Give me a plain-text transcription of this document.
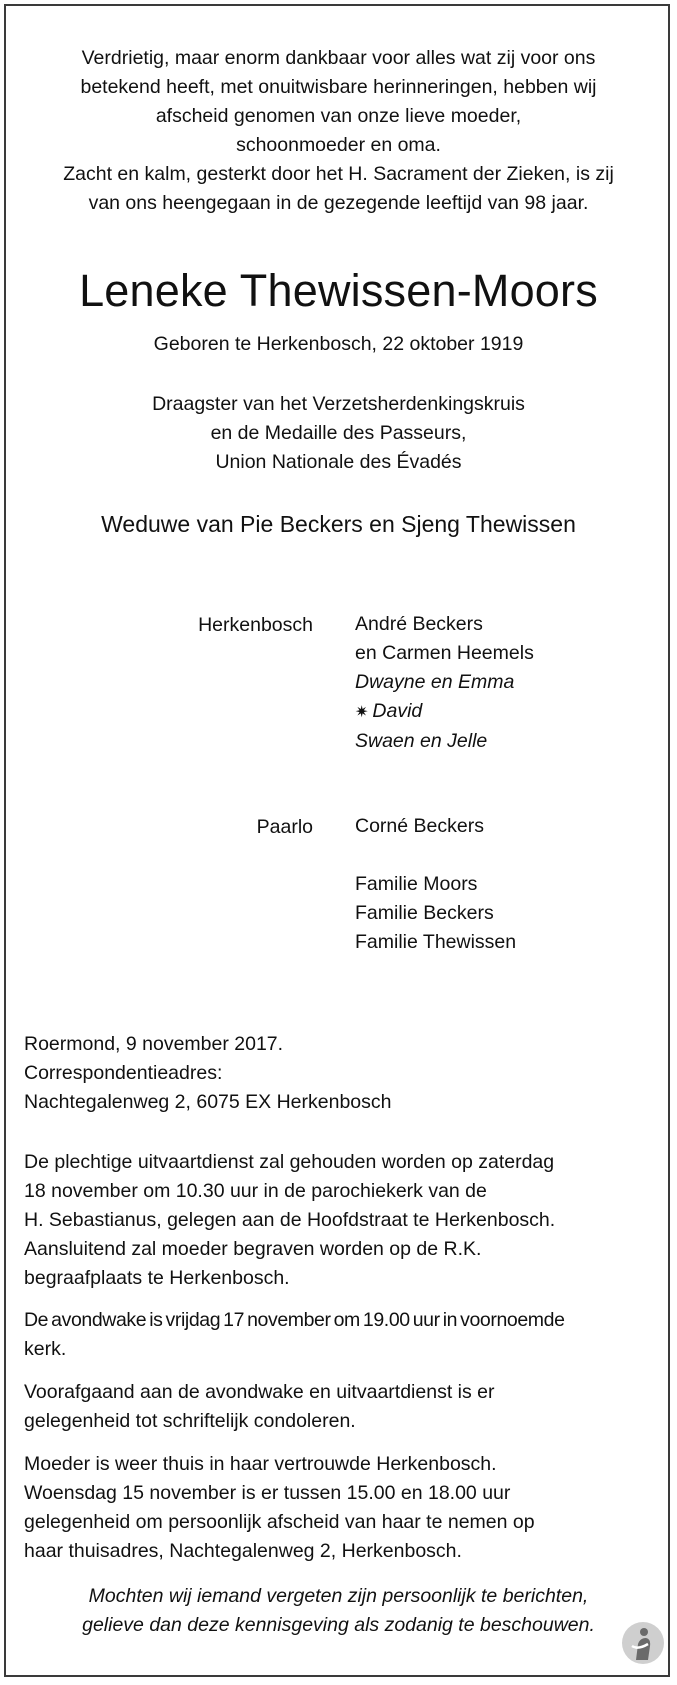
Verdrietig, maar enorm dankbaar voor alles wat zij voor ons
betekend heeft, met onuitwisbare herinneringen, hebben wij
afscheid genomen van onze lieve moeder,
schoonmoeder en oma.
Zacht en kalm, gesterkt door het H. Sacrament der Zieken, is zij
van ons heengegaan in de gezegende leeftijd van 98 jaar.
Leneke Thewissen-Moors
Geboren te Herkenbosch, 22 oktober 1919
Draagster van het Verzetsherdenkingskruis
en de Medaille des Passeurs,
Union Nationale des Évadés
Weduwe van Pie Beckers en Sjeng Thewissen
Herkenbosch André Beckers
en Carmen Heemels
Dwayne en Emma
✷ David
Swaen en Jelle
Paarlo Corné Beckers
Familie Moors
Familie Beckers
Familie Thewissen
Roermond, 9 november 2017.
Correspondentieadres:
Nachtegalenweg 2, 6075 EX Herkenbosch
De plechtige uitvaartdienst zal gehouden worden op zaterdag
18 november om 10.30 uur in de parochiekerk van de
H. Sebastianus, gelegen aan de Hoofdstraat te Herkenbosch.
Aansluitend zal moeder begraven worden op de R.K.
begraafplaats te Herkenbosch.
De avondwake is vrijdag 17 november om 19.00 uur in voornoemde
kerk.
Voorafgaand aan de avondwake en uitvaartdienst is er
gelegenheid tot schriftelijk condoleren.
Moeder is weer thuis in haar vertrouwde Herkenbosch.
Woensdag 15 november is er tussen 15.00 en 18.00 uur
gelegenheid om persoonlijk afscheid van haar te nemen op
haar thuisadres, Nachtegalenweg 2, Herkenbosch.
Mochten wij iemand vergeten zijn persoonlijk te berichten,
gelieve dan deze kennisgeving als zodanig te beschouwen.
